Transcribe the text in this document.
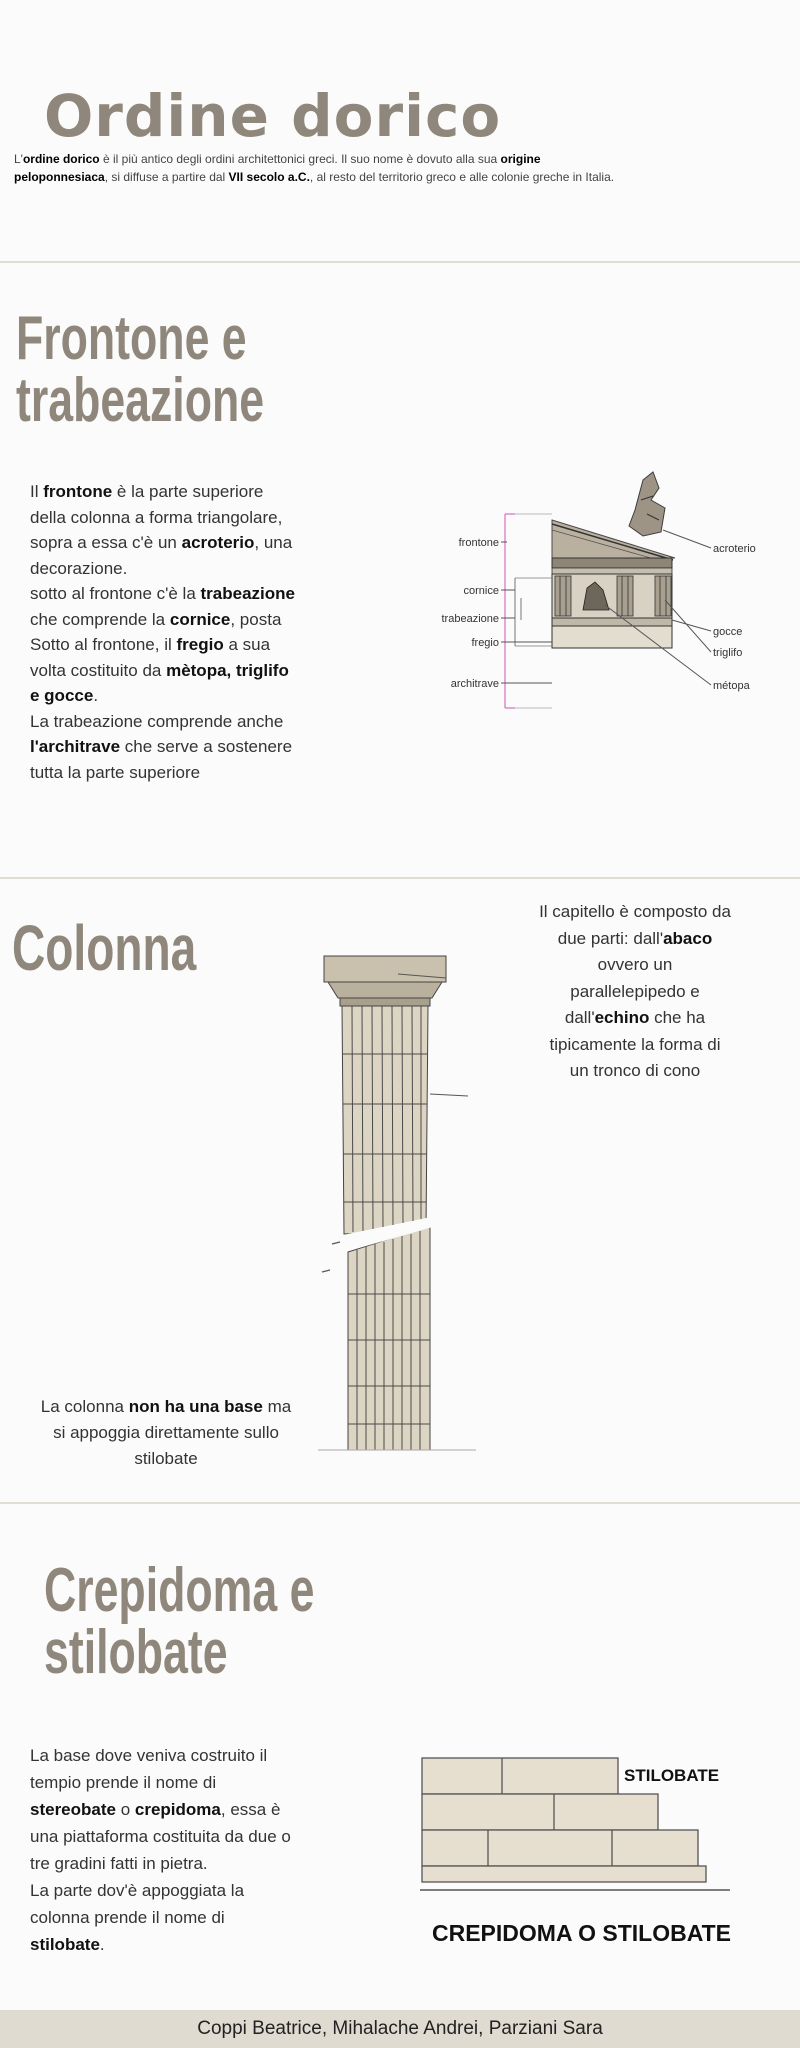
Ordine dorico
L'ordine dorico è il più antico degli ordini architettonici greci. Il suo nome è dovuto alla sua origine
peloponnesiaca, si diffuse a partire dal VII secolo a.C., al resto del territorio greco e alle colonie greche in Italia.
Frontone e
trabeazione
Il frontone è la parte superiore
della colonna a forma triangolare,
sopra a essa c'è un acroterio, una
decorazione.
sotto al frontone c'è la trabeazione
che comprende la cornice, posta
Sotto al frontone, il fregio a sua
volta costituito da mètopa, triglifo
e gocce.
La trabeazione comprende anche
l'architrave che serve a sostenere
tutta la parte superiore
frontone
cornice
trabeazione
fregio
architrave
acroterio
gocce
triglifo
métopa
Colonna
Il capitello è composto da
due parti: dall'abaco
ovvero un
parallelepipedo e
dall'echino che ha
tipicamente la forma di
un tronco di cono
La colonna non ha una base ma
si appoggia direttamente sullo
stilobate
Crepidoma e
stilobate
La base dove veniva costruito il
tempio prende il nome di
stereobate o crepidoma, essa è
una piattaforma costituita da due o
tre gradini fatti in pietra.
La parte dov'è appoggiata la
colonna prende il nome di
stilobate.
STILOBATE
CREPIDOMA O STILOBATE
Coppi Beatrice, Mihalache Andrei, Parziani Sara
